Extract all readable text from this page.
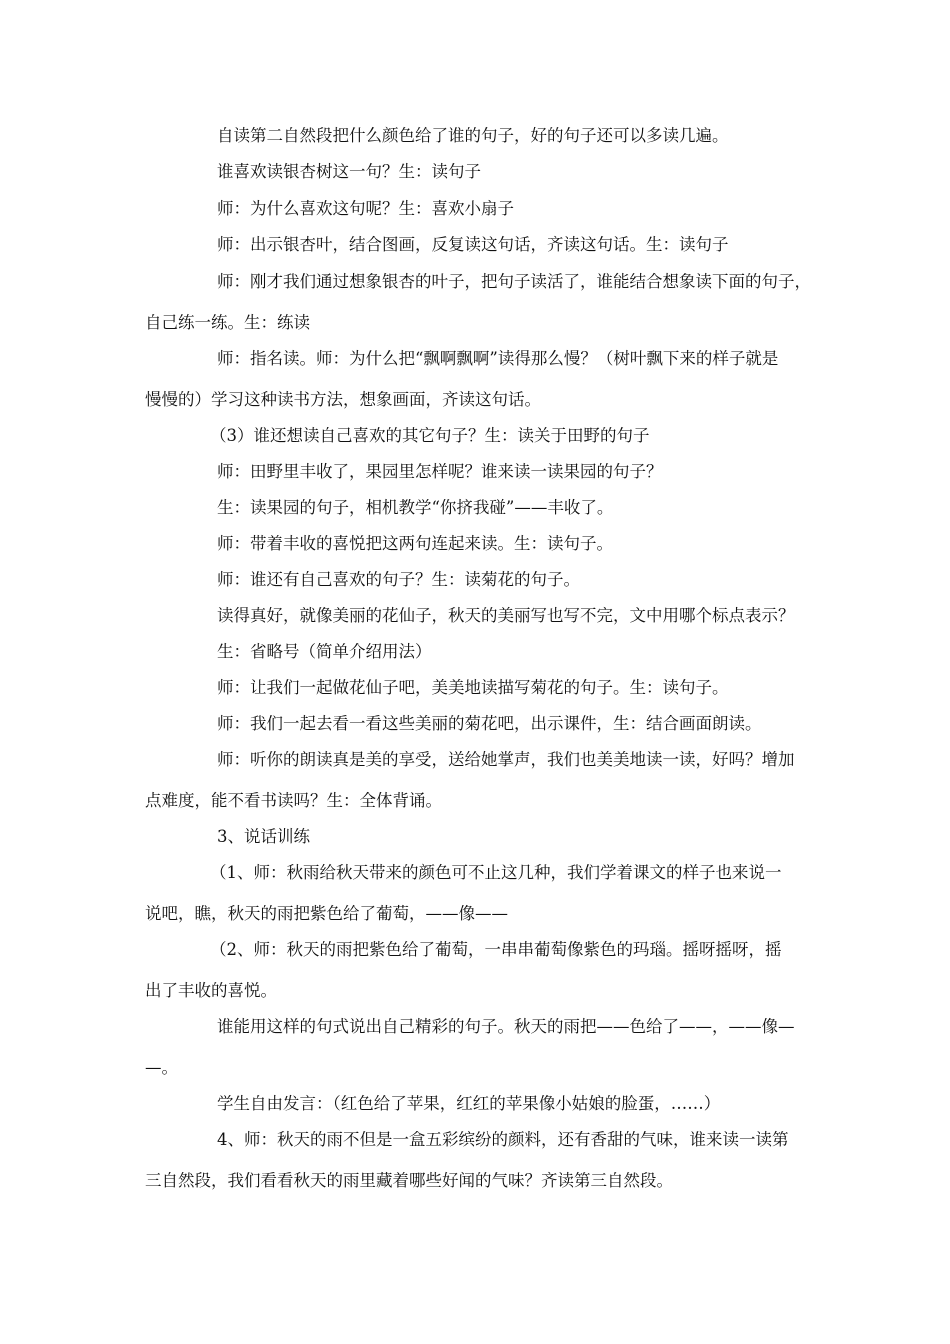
自读第二自然段把什么颜色给了谁的句子，好的句子还可以多读几遍。
谁喜欢读银杏树这一句？生：读句子
师：为什么喜欢这句呢？生：喜欢小扇子
师：出示银杏叶，结合图画，反复读这句话，齐读这句话。生：读句子
师：刚才我们通过想象银杏的叶子，把句子读活了，谁能结合想象读下面的句子，
自己练一练。生：练读
师：指名读。师：为什么把“飘啊飘啊”读得那么慢？（树叶飘下来的样子就是
慢慢的）学习这种读书方法，想象画面，齐读这句话。
（3）谁还想读自己喜欢的其它句子？生：读关于田野的句子
师：田野里丰收了，果园里怎样呢？谁来读一读果园的句子？
生：读果园的句子，相机教学“你挤我碰”——丰收了。
师：带着丰收的喜悦把这两句连起来读。生：读句子。
师：谁还有自己喜欢的句子？生：读菊花的句子。
读得真好，就像美丽的花仙子，秋天的美丽写也写不完，文中用哪个标点表示？
生：省略号（简单介绍用法）
师：让我们一起做花仙子吧，美美地读描写菊花的句子。生：读句子。
师：我们一起去看一看这些美丽的菊花吧，出示课件，生：结合画面朗读。
师：听你的朗读真是美的享受，送给她掌声，我们也美美地读一读，好吗？增加
点难度，能不看书读吗？生：全体背诵。
3、说话训练
（1、师：秋雨给秋天带来的颜色可不止这几种，我们学着课文的样子也来说一
说吧，瞧，秋天的雨把紫色给了葡萄，——像——
（2、师：秋天的雨把紫色给了葡萄，一串串葡萄像紫色的玛瑙。摇呀摇呀，摇
出了丰收的喜悦。
谁能用这样的句式说出自己精彩的句子。秋天的雨把——色给了——，——像—
—。
学生自由发言：（红色给了苹果，红红的苹果像小姑娘的脸蛋，……）
4、师：秋天的雨不但是一盒五彩缤纷的颜料，还有香甜的气味，谁来读一读第
三自然段，我们看看秋天的雨里藏着哪些好闻的气味？齐读第三自然段。
